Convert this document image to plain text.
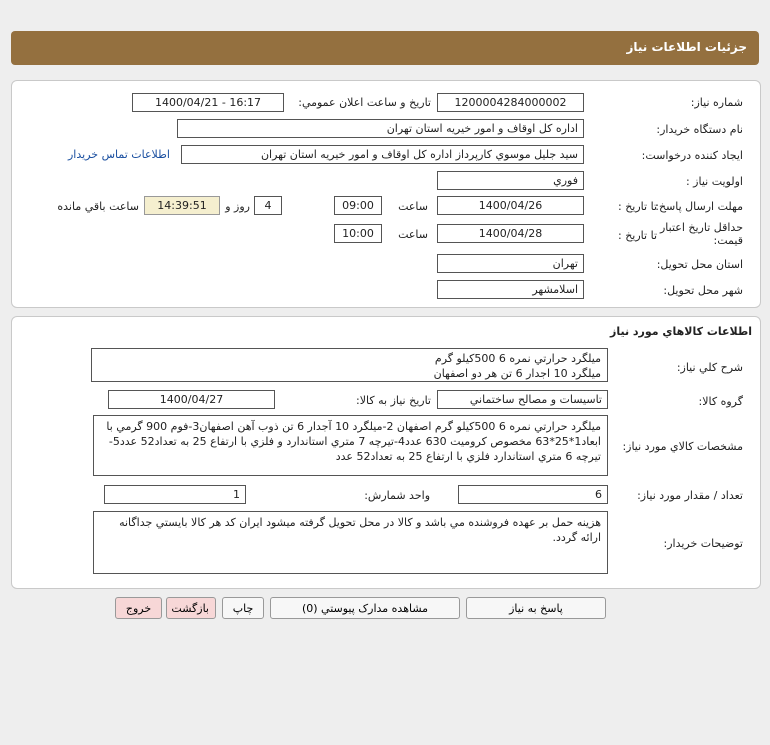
جزئيات اطلاعات نياز
شماره نياز:
1200004284000002
تاريخ و ساعت اعلان عمومي:
1400/04/21 - 16:17
نام دستگاه خريدار:
اداره کل اوقاف و امور خيريه استان تهران
ايجاد کننده درخواست:
سيد جليل موسوي کارپرداز اداره کل اوقاف و امور خيريه استان تهران
اطلاعات تماس خريدار
اولويت نياز :
فوري
مهلت ارسال پاسخ:
تا تاريخ :
1400/04/26
ساعت
09:00
4
روز و
14:39:51
ساعت باقي مانده
حداقل تاريخ اعتبار قيمت:
تا تاريخ :
1400/04/28
ساعت
10:00
استان محل تحويل:
تهران
شهر محل تحويل:
اسلامشهر
اطلاعات کالاهاي مورد نياز
شرح کلي نياز:
ميلگرد حرارتي نمره 6 500کيلو گرم
ميلگرد 10 اجدار 6 تن هر دو اصفهان
گروه کالا:
تاسيسات و مصالح ساختماني
تاريخ نياز به کالا:
1400/04/27
مشخصات کالاي مورد نياز:
ميلگرد حرارتي نمره 6 500کيلو گرم اصفهان 2-ميلگرد 10 آجدار 6 تن ذوب آهن اصفهان3-فوم 900 گرمي با ابعاد1*25*63 مخصوص کروميت 630 عدد4-تيرچه 7 متري استاندارد و فلزي با ارتفاع 25 به تعداد52 عدد5-تيرچه 6 متري استاندارد فلزي با ارتفاع 25 به تعداد52 عدد
تعداد / مقدار مورد نياز:
6
واحد شمارش:
1
توضيحات خريدار:
هزينه حمل بر عهده فروشنده مي باشد و کالا در محل تحويل گرفته ميشود ايران کد هر کالا بايستي جداگانه ارائه گردد.
پاسخ به نياز
مشاهده مدارک پيوستي (0)
چاپ
بازگشت
خروج
